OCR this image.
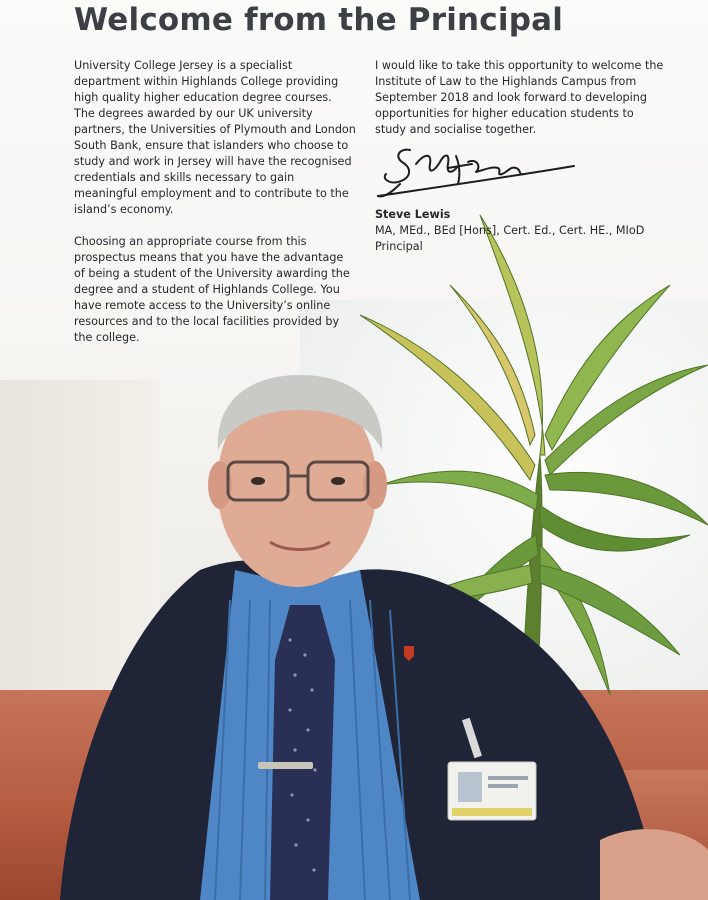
Welcome from the Principal

University College Jersey is a specialist department within Highlands College providing high quality higher education degree courses. The degrees awarded by our UK university partners, the Universities of Plymouth and London South Bank, ensure that islanders who choose to study and work in Jersey will have the recognised credentials and skills necessary to gain meaningful employment and to contribute to the island’s economy.

Choosing an appropriate course from this prospectus means that you have the advantage of being a student of the University awarding the degree and a student of Highlands College. You have remote access to the University’s online resources and to the local facilities provided by the college.

I would like to take this opportunity to welcome the Institute of Law to the Highlands Campus from September 2018 and look forward to developing opportunities for higher education students to study and socialise together.

Steve Lewis
MA, MEd., BEd [Hons], Cert. Ed., Cert. HE., MIoD
Principal
